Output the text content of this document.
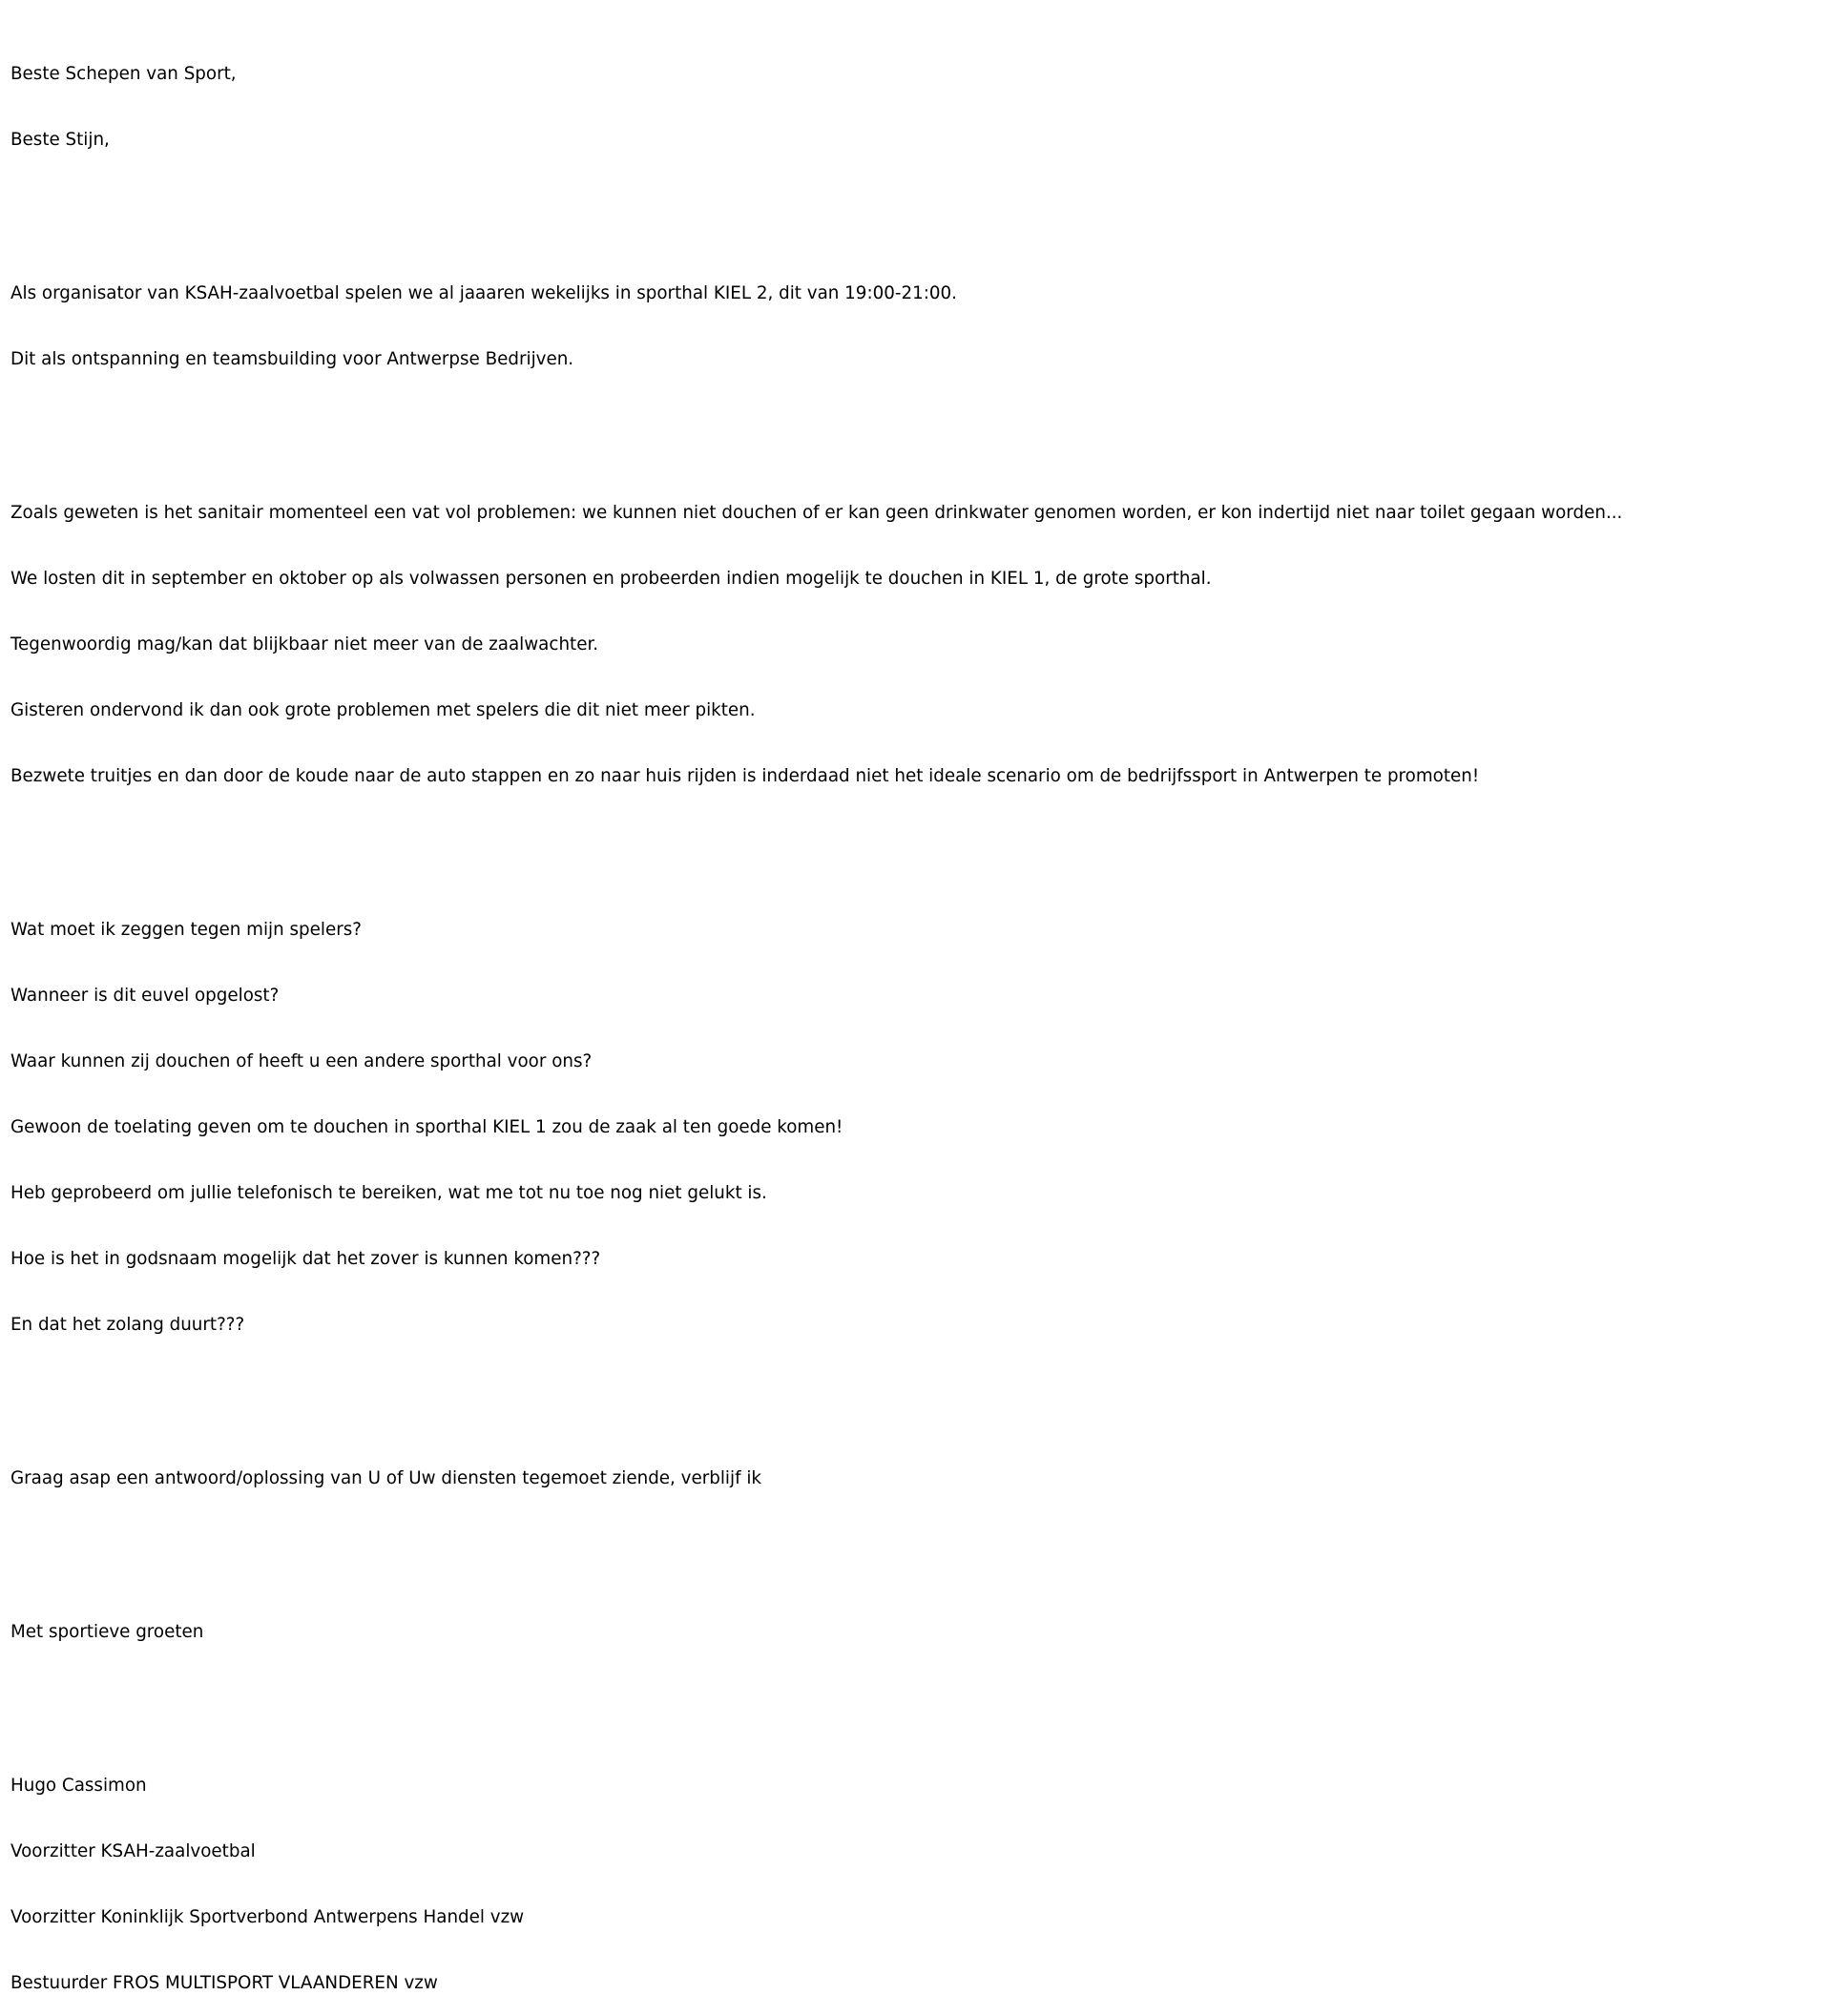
Beste Schepen van Sport,

Beste Stijn,

Als organisator van KSAH-zaalvoetbal spelen we al jaaaren wekelijks in sporthal KIEL 2, dit van 19:00-21:00.

Dit als ontspanning en teamsbuilding voor Antwerpse Bedrijven.

Zoals geweten is het sanitair momenteel een vat vol problemen: we kunnen niet douchen of er kan geen drinkwater genomen worden, er kon indertijd niet naar toilet gegaan worden...

We losten dit in september en oktober op als volwassen personen en probeerden indien mogelijk te douchen in KIEL 1, de grote sporthal.

Tegenwoordig mag/kan dat blijkbaar niet meer van de zaalwachter.

Gisteren ondervond ik dan ook grote problemen met spelers die dit niet meer pikten.

Bezwete truitjes en dan door de koude naar de auto stappen en zo naar huis rijden is inderdaad niet het ideale scenario om de bedrijfssport in Antwerpen te promoten!

Wat moet ik zeggen tegen mijn spelers?

Wanneer is dit euvel opgelost?

Waar kunnen zij douchen of heeft u een andere sporthal voor ons?

Gewoon de toelating geven om te douchen in sporthal KIEL 1 zou de zaak al ten goede komen!

Heb geprobeerd om jullie telefonisch te bereiken, wat me tot nu toe nog niet gelukt is.

Hoe is het in godsnaam mogelijk dat het zover is kunnen komen???

En dat het zolang duurt???

Graag asap een antwoord/oplossing van U of Uw diensten tegemoet ziende, verblijf ik

Met sportieve groeten

Hugo Cassimon

Voorzitter KSAH-zaalvoetbal

Voorzitter Koninklijk Sportverbond Antwerpens Handel vzw

Bestuurder FROS MULTISPORT VLAANDEREN vzw
